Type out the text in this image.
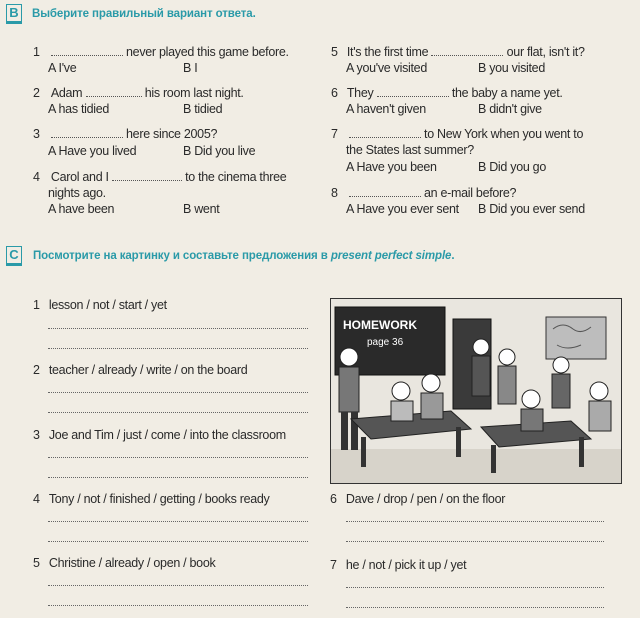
B Выберите правильный вариант ответа.
1	never played this game before.
A I've	B I
2 Adam	his room last night.
A has tidied	B tidied
3	here since 2005?
A Have you lived	B Did you live
4 Carol and I	to the cinema three
nights ago.
A have been	B went
5 It's the first time	our flat, isn't it?
A you've visited	B you visited
6 They	the baby a name yet.
A haven't given	B didn't give
7	to New York when you went to
the States last summer?
A Have you been	B Did you go
8	an e-mail before?
A Have you ever sent B Did you ever send
C Посмотрите на картинку и составьте предложения в present perfect simple.
1 lesson / not / start / yet
2 teacher / already / write / on the board
3 Joe and Tim / just / come / into the classroom
4 Tony / not / finished / getting / books ready
5 Christine / already / open / book
6 Dave / drop / pen / on the floor
7 he / not / pick it up / yet
HOMEWORK
page 36
